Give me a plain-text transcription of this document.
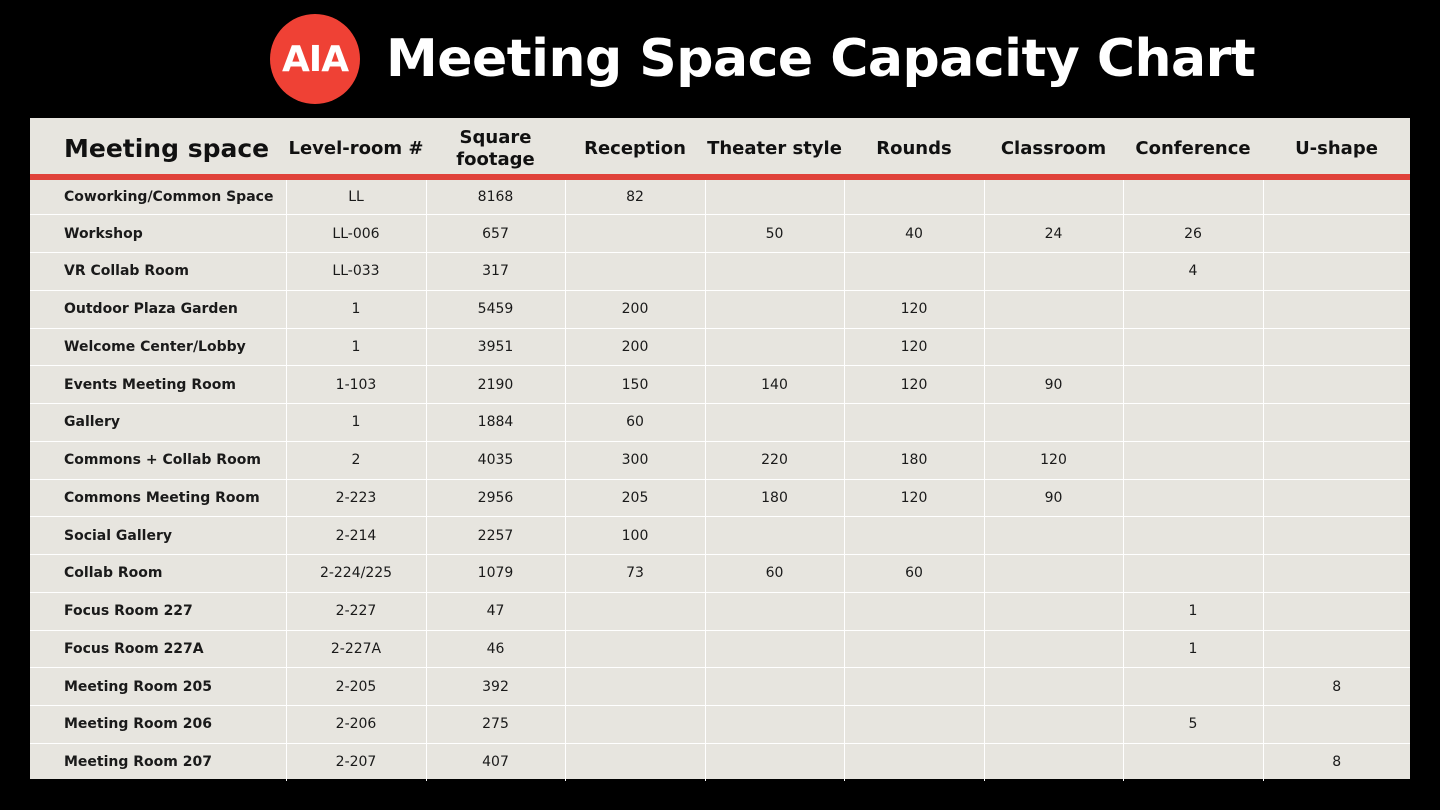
AIA Meeting Space Capacity Chart
Meeting space	Level-room #	Square footage	Reception	Theater style	Rounds	Classroom	Conference	U-shape
Coworking/Common Space	LL	8168	82					
Workshop	LL-006	657		50	40	24	26	
VR Collab Room	LL-033	317					4	
Outdoor Plaza Garden	1	5459	200		120			
Welcome Center/Lobby	1	3951	200		120			
Events Meeting Room	1-103	2190	150	140	120	90		
Gallery	1	1884	60					
Commons + Collab Room	2	4035	300	220	180	120		
Commons Meeting Room	2-223	2956	205	180	120	90		
Social Gallery	2-214	2257	100					
Collab Room	2-224/225	1079	73	60	60			
Focus Room 227	2-227	47					1	
Focus Room 227A	2-227A	46					1	
Meeting Room 205	2-205	392						8
Meeting Room 206	2-206	275					5	
Meeting Room 207	2-207	407						8
